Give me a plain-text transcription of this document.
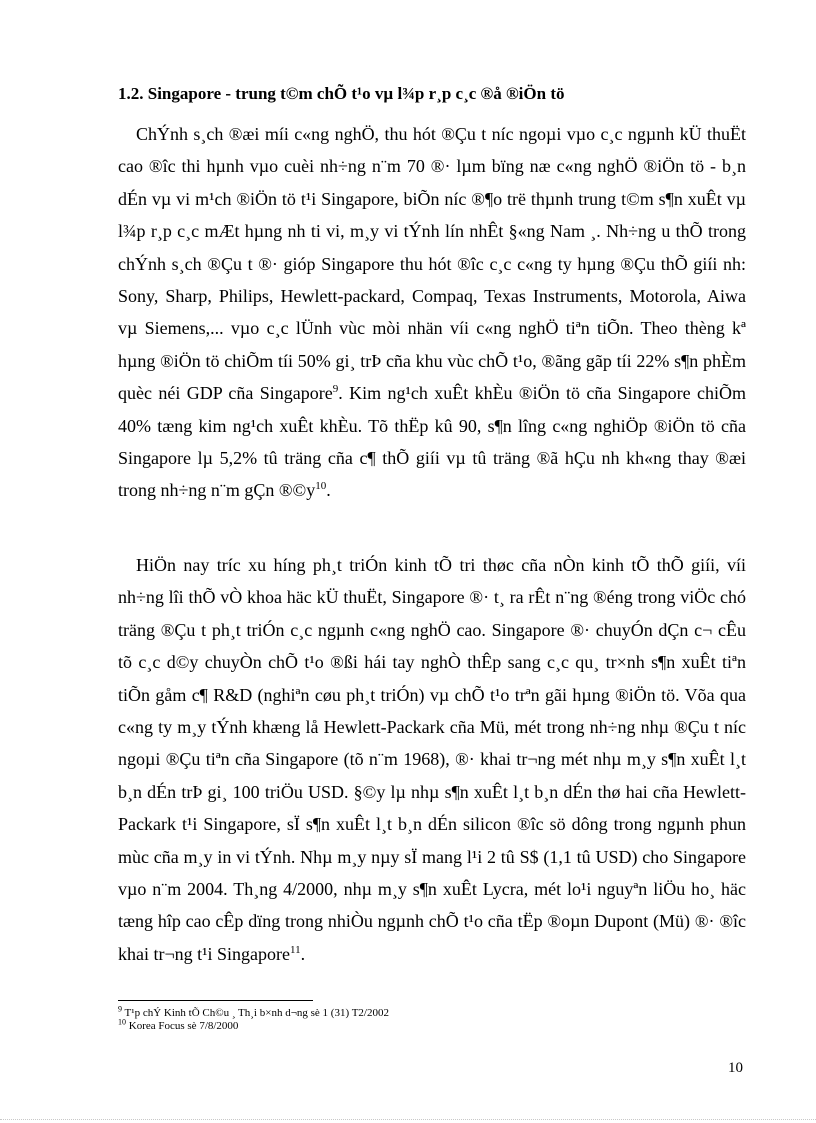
1.2. Singapore - trung t©m chÕ t¹o vµ l¾p r¸p c¸c ®å ®iÖn tö

ChÝnh s¸ch ®æi míi c«ng nghÖ, thu hót ®Çu t níc ngoµi vµo c¸c ngµnh kÜ thuËt cao ®îc thi hµnh vµo cuèi nh÷ng n¨m 70 ®· lµm bïng næ c«ng nghÖ ®iÖn tö - b¸n dÉn vµ vi m¹ch ®iÖn tö t¹i Singapore, biÕn níc ®¶o trë thµnh trung t©m s¶n xuÊt vµ l¾p r¸p c¸c mÆt hµng nh ti vi, m¸y vi tÝnh lín nhÊt §«ng Nam ¸. Nh÷ng u thÕ trong chÝnh s¸ch ®Çu t ®· gióp Singapore thu hót ®îc c¸c c«ng ty hµng ®Çu thÕ giíi nh: Sony, Sharp, Philips, Hewlett-packard, Compaq, Texas Instruments, Motorola, Aiwa vµ Siemens,... vµo c¸c lÜnh vùc mòi nhän víi c«ng nghÖ tiªn tiÕn. Theo thèng kª hµng ®iÖn tö chiÕm tíi 50% gi¸ trÞ cña khu vùc chÕ t¹o, ®ãng gãp tíi 22% s¶n phÈm quèc néi GDP cña Singapore$^9$. Kim ng¹ch xuÊt khÈu ®iÖn tö cña Singapore chiÕm 40% tæng kim ng¹ch xuÊt khÈu. Tõ thËp kû 90, s¶n lîng c«ng nghiÖp ®iÖn tö cña Singapore lµ 5,2% tû träng cña c¶ thÕ giíi vµ tû träng ®ã hÇu nh kh«ng thay ®æi trong nh÷ng n¨m gÇn $®©y^{10}$.

HiÖn nay tríc xu híng ph¸t triÓn kinh tÕ tri thøc cña nÒn kinh tÕ thÕ giíi, víi nh÷ng lîi thÕ vÒ khoa häc kÜ thuËt, Singapore ®· t¸ ra rÊt n¨ng ®éng trong viÖc chó träng ®Çu t ph¸t triÓn c¸c ngµnh c«ng nghÖ cao. Singapore ®· chuyÓn dÇn c¬ cÊu tõ c¸c d©y chuyÒn chÕ t¹o ®ßi hái tay nghÒ thÊp sang c¸c qu¸ tr×nh s¶n xuÊt tiªn tiÕn gåm c¶ R&D (nghiªn cøu ph¸t triÓn) vµ chÕ t¹o trªn gãi hµng ®iÖn tö. Võa qua c«ng ty m¸y tÝnh khæng lå Hewlett-Packark cña Mü, mét trong nh÷ng nhµ ®Çu t níc ngoµi ®Çu tiªn cña Singapore (tõ n¨m 1968), ®· khai tr¬ng mét nhµ m¸y s¶n xuÊt l¸t b¸n dÉn trÞ gi¸ 100 triÖu USD. §©y lµ nhµ s¶n xuÊt l¸t b¸n dÉn thø hai cña Hewlett-Packark t¹i Singapore, sÏ s¶n xuÊt l¸t b¸n dÉn silicon ®îc sö dông trong ngµnh phun mùc cña m¸y in vi tÝnh. Nhµ m¸y nµy sÏ mang l¹i 2 tû S$ (1,1 tû USD) cho Singapore vµo n¨m 2004. Th¸ng 4/2000, nhµ m¸y s¶n xuÊt Lycra, mét lo¹i nguyªn liÖu ho¸ häc tæng hîp cao cÊp dïng trong nhiÒu ngµnh chÕ t¹o cña tËp ®oµn Dupont (Mü) ®· ®îc khai tr¬ng t¹i Singapore$^{11}$.

$^9$ T¹p chÝ Kinh tÕ Ch©u ¸ Th¸i b×nh d¬ng sè 1 (31) T2/2002
$^{10}$ Korea Focus sè 7/8/2000
10
